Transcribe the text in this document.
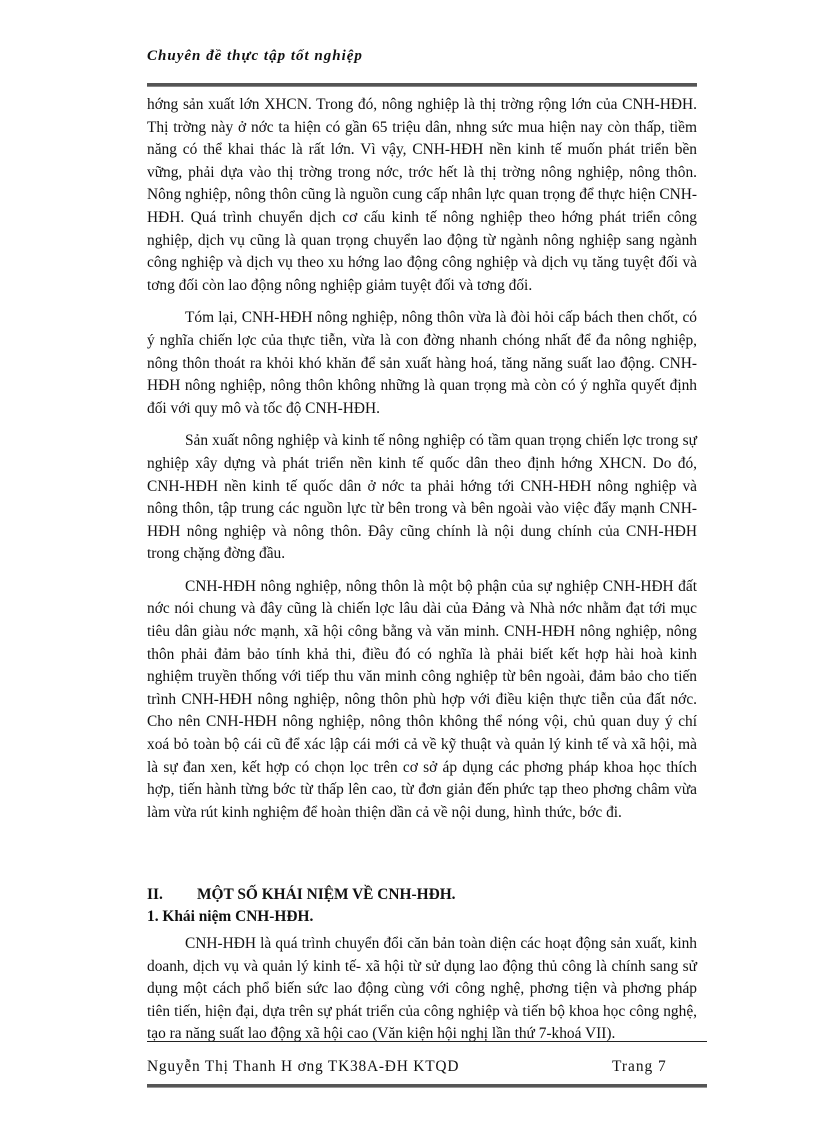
Chuyên đề thực tập tốt nghiệp

hớng sản xuất lớn XHCN. Trong đó, nông nghiệp là thị trờng rộng lớn của CNH-HĐH. Thị trờng này ở nớc ta hiện có gần 65 triệu dân, nhng sức mua hiện nay còn thấp, tiềm năng có thể khai thác là rất lớn. Vì vậy, CNH-HĐH nền kinh tế muốn phát triển bền vững, phải dựa vào thị trờng trong nớc, trớc hết là thị trờng nông nghiệp, nông thôn. Nông nghiệp, nông thôn cũng là nguồn cung cấp nhân lực quan trọng để thực hiện CNH-HĐH. Quá trình chuyển dịch cơ cấu kinh tế nông nghiệp theo hớng phát triển công nghiệp, dịch vụ cũng là quan trọng chuyển lao động từ ngành nông nghiệp sang ngành công nghiệp và dịch vụ theo xu hớng lao động công nghiệp và dịch vụ tăng tuyệt đối và tơng đối còn lao động nông nghiệp giảm tuyệt đối và tơng đối.

Tóm lại, CNH-HĐH nông nghiệp, nông thôn vừa là đòi hỏi cấp bách then chốt, có ý nghĩa chiến lợc của thực tiễn, vừa là con đờng nhanh chóng nhất để đa nông nghiệp, nông thôn thoát ra khỏi khó khăn để sản xuất hàng hoá, tăng năng suất lao động. CNH-HĐH nông nghiệp, nông thôn không những là quan trọng mà còn có ý nghĩa quyết định đối với quy mô và tốc độ CNH-HĐH.

Sản xuất nông nghiệp và kinh tế nông nghiệp có tầm quan trọng chiến lợc trong sự nghiệp xây dựng và phát triển nền kinh tế quốc dân theo định hớng XHCN. Do đó, CNH-HĐH nền kinh tế quốc dân ở nớc ta phải hớng tới CNH-HĐH nông nghiệp và nông thôn, tập trung các nguồn lực từ bên trong và bên ngoài vào việc đẩy mạnh CNH-HĐH nông nghiệp và nông thôn. Đây cũng chính là nội dung chính của CNH-HĐH trong chặng đờng đầu.

CNH-HĐH nông nghiệp, nông thôn là một bộ phận của sự nghiệp CNH-HĐH đất nớc nói chung và đây cũng là chiến lợc lâu dài của Đảng và Nhà nớc nhằm đạt tới mục tiêu dân giàu nớc mạnh, xã hội công bằng và văn minh. CNH-HĐH nông nghiệp, nông thôn phải đảm bảo tính khả thi, điều đó có nghĩa là phải biết kết hợp hài hoà kinh nghiệm truyền thống với tiếp thu văn minh công nghiệp từ bên ngoài, đảm bảo cho tiến trình CNH-HĐH nông nghiệp, nông thôn phù hợp với điều kiện thực tiễn của đất nớc. Cho nên CNH-HĐH nông nghiệp, nông thôn không thể nóng vội, chủ quan duy ý chí xoá bỏ toàn bộ cái cũ để xác lập cái mới cả về kỹ thuật và quản lý kinh tế và xã hội, mà là sự đan xen, kết hợp có chọn lọc trên cơ sở áp dụng các phơng pháp khoa học thích hợp, tiến hành từng bớc từ thấp lên cao, từ đơn giản đến phức tạp theo phơng châm vừa làm vừa rút kinh nghiệm để hoàn thiện dần cả về nội dung, hình thức, bớc đi.

II. MỘT SỐ KHÁI NIỆM VỀ CNH-HĐH.
1. Khái niệm CNH-HĐH.

CNH-HĐH là quá trình chuyển đổi căn bản toàn diện các hoạt động sản xuất, kinh doanh, dịch vụ và quản lý kinh tế- xã hội từ sử dụng lao động thủ công là chính sang sử dụng một cách phổ biến sức lao động cùng với công nghệ, phơng tiện và phơng pháp tiên tiến, hiện đại, dựa trên sự phát triển của công nghiệp và tiến bộ khoa học công nghệ, tạo ra năng suất lao động xã hội cao (Văn kiện hội nghị lần thứ 7-khoá VII).

Nguyễn Thị Thanh H ơng TK38A-ĐH KTQD	Trang 7
